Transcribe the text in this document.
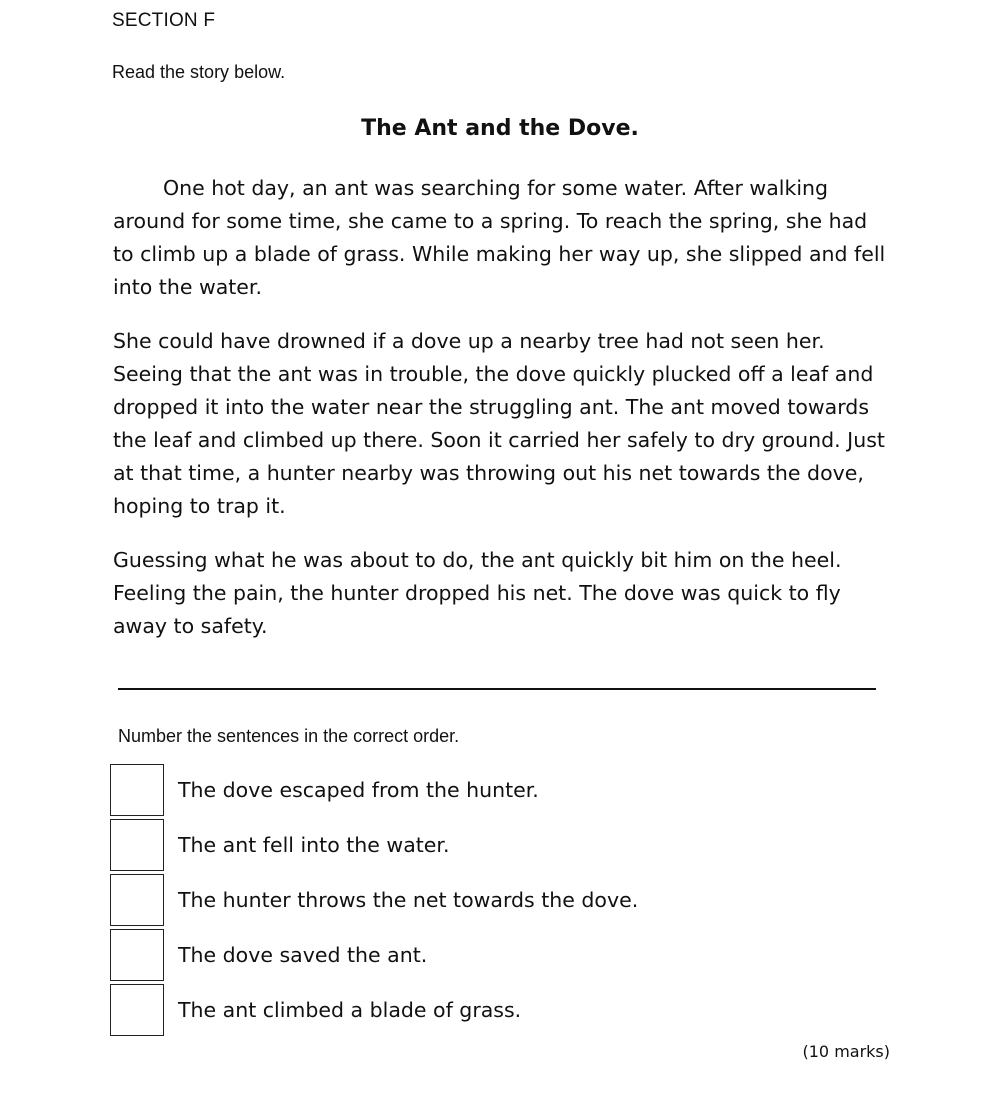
SECTION F
Read the story below.
The Ant and the Dove.

One hot day, an ant was searching for some water. After walking around for some time, she came to a spring. To reach the spring, she had to climb up a blade of grass. While making her way up, she slipped and fell into the water.

She could have drowned if a dove up a nearby tree had not seen her. Seeing that the ant was in trouble, the dove quickly plucked off a leaf and dropped it into the water near the struggling ant. The ant moved towards the leaf and climbed up there. Soon it carried her safely to dry ground. Just at that time, a hunter nearby was throwing out his net towards the dove, hoping to trap it.

Guessing what he was about to do, the ant quickly bit him on the heel. Feeling the pain, the hunter dropped his net. The dove was quick to fly away to safety.

Number the sentences in the correct order.
The dove escaped from the hunter.
The ant fell into the water.
The hunter throws the net towards the dove.
The dove saved the ant.
The ant climbed a blade of grass.
(10 marks)
